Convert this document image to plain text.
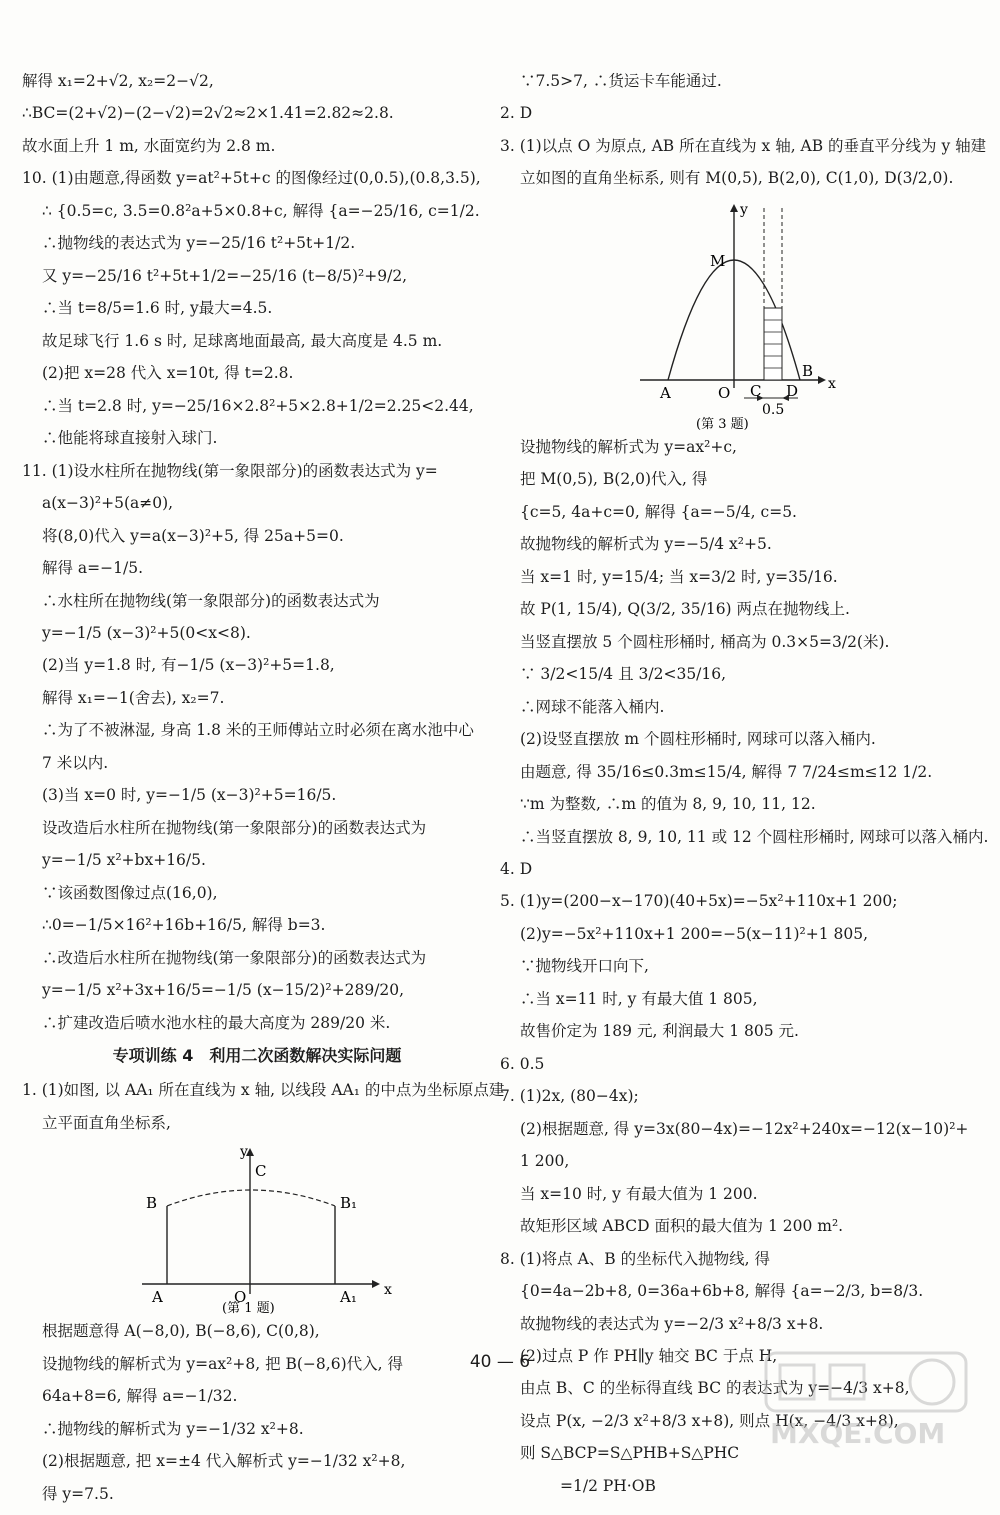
解得 x₁=2+√2, x₂=2−√2,
∴BC=(2+√2)−(2−√2)=2√2≈2×1.41=2.82≈2.8.
故水面上升 1 m, 水面宽约为 2.8 m.
10. (1)由题意,得函数 y=at²+5t+c 的图像经过(0,0.5),(0.8,3.5),
∴ {0.5=c, 3.5=0.8²a+5×0.8+c, 解得 {a=−25/16, c=1/2.
∴抛物线的表达式为 y=−25/16 t²+5t+1/2.
又 y=−25/16 t²+5t+1/2=−25/16 (t−8/5)²+9/2,
∴当 t=8/5=1.6 时, y最大=4.5.
故足球飞行 1.6 s 时, 足球离地面最高, 最大高度是 4.5 m.
(2)把 x=28 代入 x=10t, 得 t=2.8.
∴当 t=2.8 时, y=−25/16×2.8²+5×2.8+1/2=2.25<2.44,
∴他能将球直接射入球门.
11. (1)设水柱所在抛物线(第一象限部分)的函数表达式为 y=
a(x−3)²+5(a≠0),
将(8,0)代入 y=a(x−3)²+5, 得 25a+5=0.
解得 a=−1/5.
∴水柱所在抛物线(第一象限部分)的函数表达式为
y=−1/5 (x−3)²+5(0<x<8).
(2)当 y=1.8 时, 有−1/5 (x−3)²+5=1.8,
解得 x₁=−1(舍去), x₂=7.
∴为了不被淋湿, 身高 1.8 米的王师傅站立时必须在离水池中心
7 米以内.
(3)当 x=0 时, y=−1/5 (x−3)²+5=16/5.
设改造后水柱所在抛物线(第一象限部分)的函数表达式为
y=−1/5 x²+bx+16/5.
∵该函数图像过点(16,0),
∴0=−1/5×16²+16b+16/5, 解得 b=3.
∴改造后水柱所在抛物线(第一象限部分)的函数表达式为
y=−1/5 x²+3x+16/5=−1/5 (x−15/2)²+289/20,
∴扩建改造后喷水池水柱的最大高度为 289/20 米.
专项训练 4　利用二次函数解决实际问题
1. (1)如图, 以 AA₁ 所在直线为 x 轴, 以线段 AA₁ 的中点为坐标原点建
立平面直角坐标系,
y
x
C
B	B₁
A	O	A₁
(第 1 题)
根据题意得 A(−8,0), B(−8,6), C(0,8),
设抛物线的解析式为 y=ax²+8, 把 B(−8,6)代入, 得
64a+8=6, 解得 a=−1/32.
∴抛物线的解析式为 y=−1/32 x²+8.
(2)根据题意, 把 x=±4 代入解析式 y=−1/32 x²+8,
得 y=7.5.
∵7.5>7, ∴货运卡车能通过.
2. D
3. (1)以点 O 为原点, AB 所在直线为 x 轴, AB 的垂直平分线为 y 轴建
立如图的直角坐标系, 则有 M(0,5), B(2,0), C(1,0), D(3/2,0).
y
M
A	O C D
B
x
0.5
(第 3 题)
设抛物线的解析式为 y=ax²+c,
把 M(0,5), B(2,0)代入, 得
{c=5, 4a+c=0, 解得 {a=−5/4, c=5.
故抛物线的解析式为 y=−5/4 x²+5.
当 x=1 时, y=15/4; 当 x=3/2 时, y=35/16.
故 P(1, 15/4), Q(3/2, 35/16) 两点在抛物线上.
当竖直摆放 5 个圆柱形桶时, 桶高为 0.3×5=3/2(米).
∵ 3/2<15/4 且 3/2<35/16,
∴网球不能落入桶内.
(2)设竖直摆放 m 个圆柱形桶时, 网球可以落入桶内.
由题意, 得 35/16≤0.3m≤15/4, 解得 7 7/24≤m≤12 1/2.
∵m 为整数, ∴m 的值为 8, 9, 10, 11, 12.
∴当竖直摆放 8, 9, 10, 11 或 12 个圆柱形桶时, 网球可以落入桶内.
4. D
5. (1)y=(200−x−170)(40+5x)=−5x²+110x+1 200;
(2)y=−5x²+110x+1 200=−5(x−11)²+1 805,
∵抛物线开口向下,
∴当 x=11 时, y 有最大值 1 805,
故售价定为 189 元, 利润最大 1 805 元.
6. 0.5
7. (1)2x, (80−4x);
(2)根据题意, 得 y=3x(80−4x)=−12x²+240x=−12(x−10)²+
1 200,
当 x=10 时, y 有最大值为 1 200.
故矩形区域 ABCD 面积的最大值为 1 200 m².
8. (1)将点 A、B 的坐标代入抛物线, 得
{0=4a−2b+8, 0=36a+6b+8, 解得 {a=−2/3, b=8/3.
故抛物线的表达式为 y=−2/3 x²+8/3 x+8.
(2)过点 P 作 PH∥y 轴交 BC 于点 H,
由点 B、C 的坐标得直线 BC 的表达式为 y=−4/3 x+8,
设点 P(x, −2/3 x²+8/3 x+8), 则点 H(x, −4/3 x+8),
则 S△BCP=S△PHB+S△PHC
=1/2 PH·OB
40 — 6
MXQE.COM
